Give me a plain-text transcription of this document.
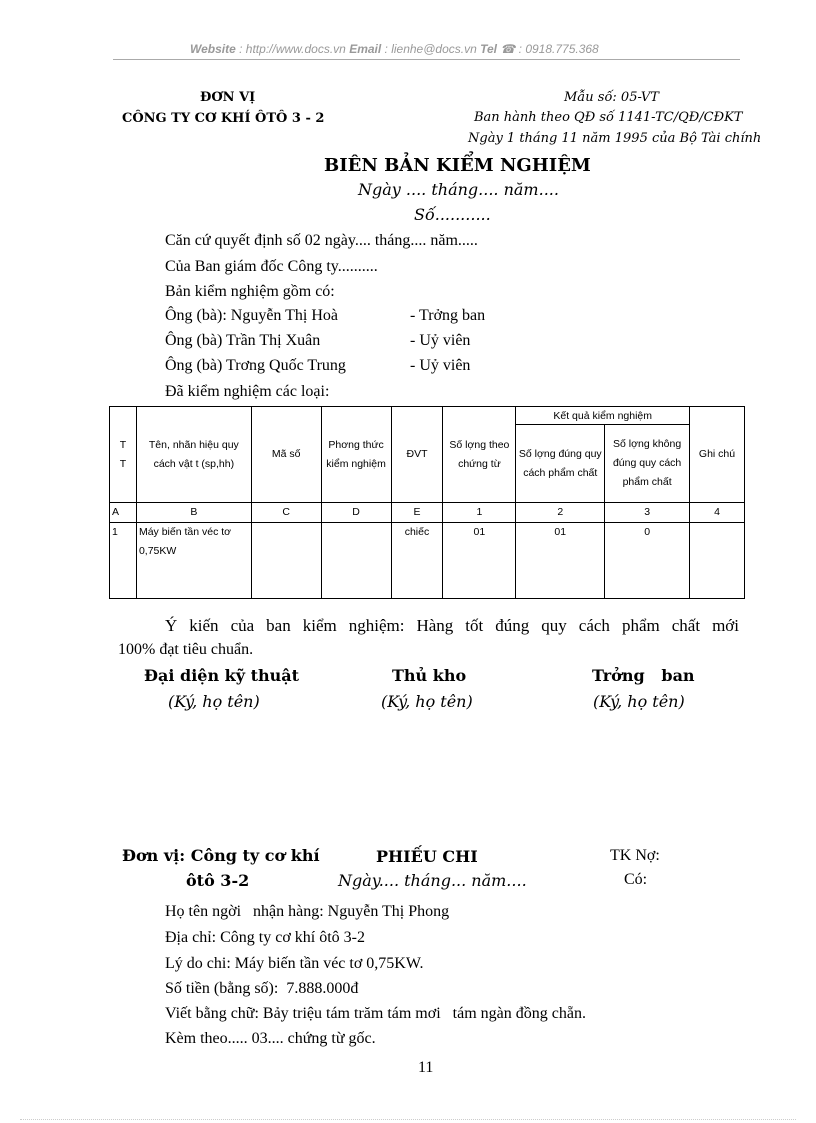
Website : http://www.docs.vn Email : lienhe@docs.vn Tel ☎ : 0918.775.368
ĐƠN VỊ
CÔNG TY CƠ KHÍ ÔTÔ 3 - 2
Mẫu số: 05-VT
Ban hành theo QĐ số 1141-TC/QĐ/CĐKT
Ngày 1 tháng 11 năm 1995 của Bộ Tài chính
BIÊN BẢN KIỂM NGHIỆM
Ngày .... tháng.... năm....
Số...........
Căn cứ quyết định số 02 ngày.... tháng.... năm.....
Của Ban giám đốc Công ty..........
Bản kiểm nghiệm gồm có:
Ông (bà): Nguyễn Thị Hoà	- Trởng ban
Ông (bà) Trần Thị Xuân	- Uỷ viên
Ông (bà) Trơng Quốc Trung	- Uỷ viên
Đã kiểm nghiệm các loại:
T
T	Tên, nhãn hiệu quy cách vật t (sp,hh)	Mã số	Phơng thức kiểm nghiệm	ĐVT	Số lợng theo chứng từ	Kết quả kiểm nghiệm		Ghi chú
						Số lợng đúng quy cách phẩm chất	Số lợng không đúng quy cách phẩm chất	
A	B	C	D	E	1	2	3	4
1	Máy biến tần véc tơ 0,75KW			chiếc	01	01	0	
Ý kiến của ban kiểm nghiệm: Hàng tốt đúng quy cách phẩm chất mới
100% đạt tiêu chuẩn.
Đại diện kỹ thuật
(Ký, họ tên)
Thủ kho
(Ký, họ tên)
Trởng   ban
(Ký, họ tên)
Đơn vị: Công ty cơ khí
ôtô 3-2
PHIẾU CHI
Ngày.... tháng... năm....
TK Nợ:
Có:
Họ tên ngời   nhận hàng: Nguyễn Thị Phong
Địa chỉ: Công ty cơ khí ôtô 3-2
Lý do chi: Máy biến tần véc tơ 0,75KW.
Số tiền (bằng số):  7.888.000đ
Viết bằng chữ: Bảy triệu tám trăm tám mơi   tám ngàn đồng chẵn.
Kèm theo..... 03.... chứng từ gốc.
11
